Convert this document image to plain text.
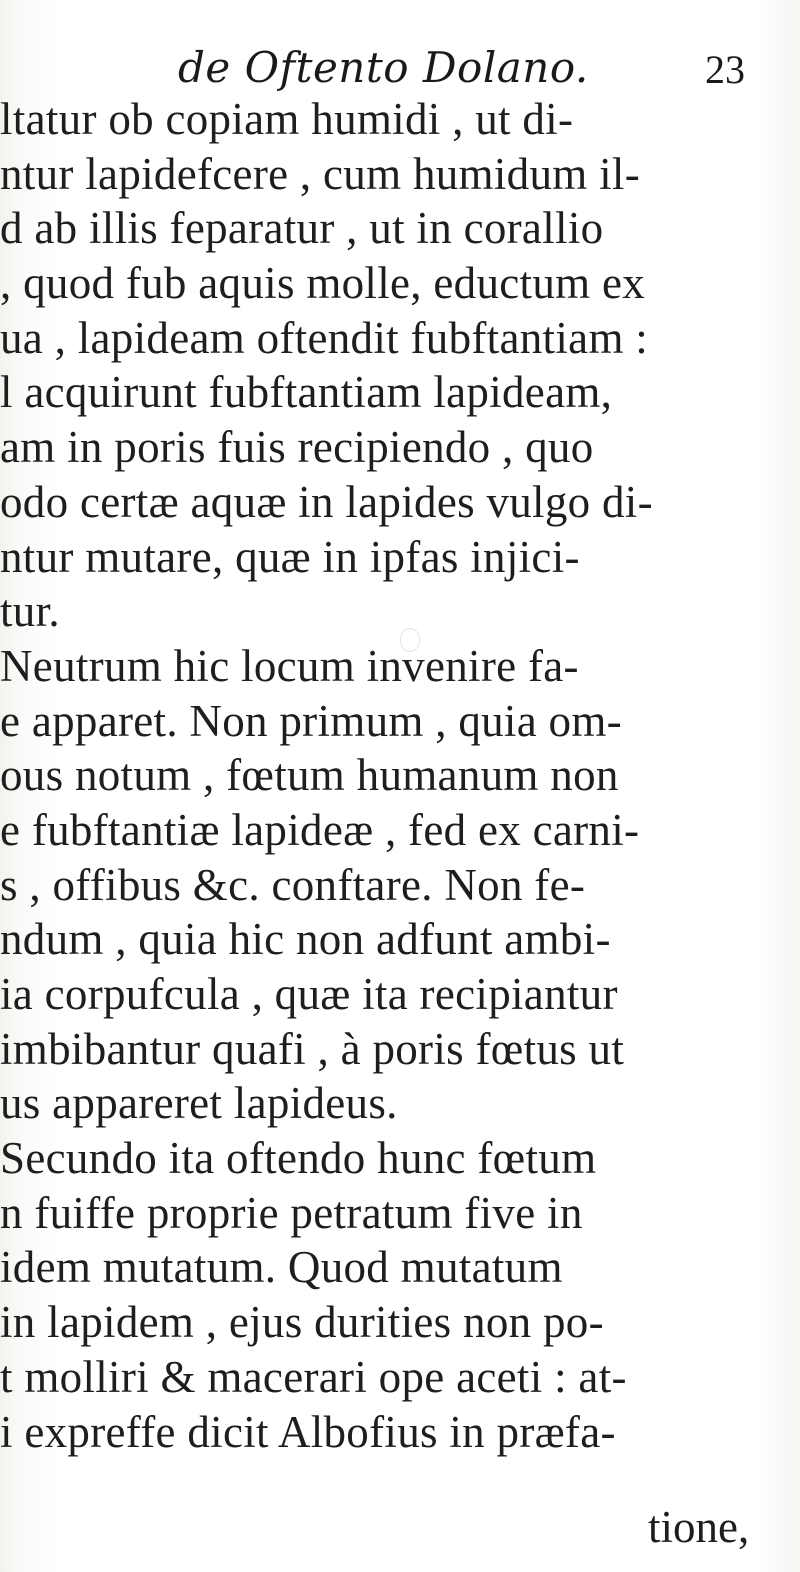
de Oftento Dolano.	23
ltatur ob copiam humidi , ut di-
ntur lapidefcere , cum humidum il-
d ab illis feparatur , ut in corallio
, quod fub aquis molle, eductum ex
ua , lapideam oftendit fubftantiam :
l acquirunt fubftantiam lapideam,
am in poris fuis recipiendo , quo
odo certæ aquæ in lapides vulgo di-
ntur mutare, quæ in ipfas injici-
tur.
Neutrum hic locum invenire fa-
e apparet. Non primum , quia om-
ous notum , fœtum humanum non
e fubftantiæ lapideæ , fed ex carni-
s , offibus &c. conftare. Non fe-
ndum , quia hic non adfunt ambi-
ia corpufcula , quæ ita recipiantur
imbibantur quafi , à poris fœtus ut
us appareret lapideus.
Secundo ita oftendo hunc fœtum
n fuiffe proprie petratum five in
idem mutatum. Quod mutatum
in lapidem , ejus durities non po-
t molliri & macerari ope aceti : at-
i expreffe dicit Albofius in præfa-
tione,
